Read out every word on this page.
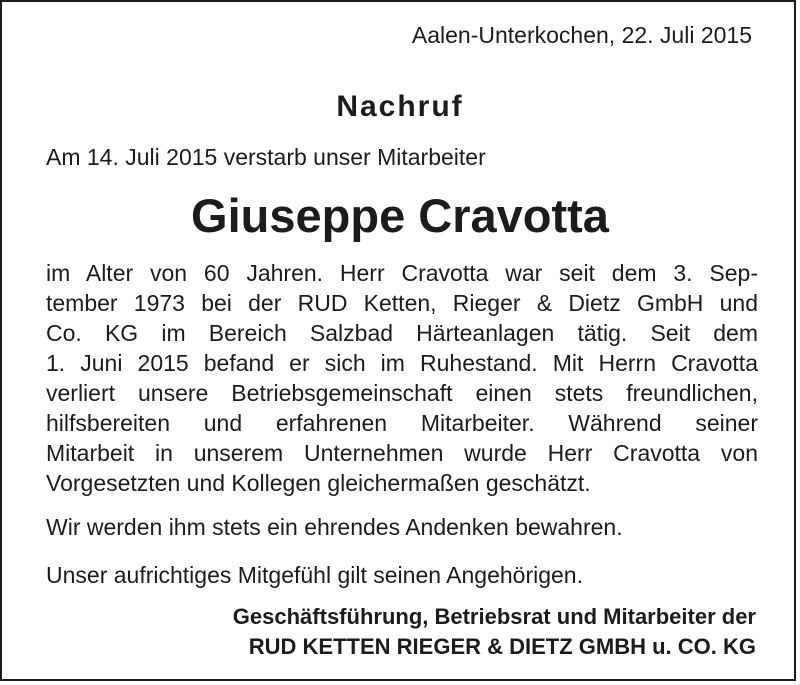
Aalen-Unterkochen, 22. Juli 2015
Nachruf
Am 14. Juli 2015 verstarb unser Mitarbeiter
Giuseppe Cravotta
im Alter von 60 Jahren. Herr Cravotta war seit dem 3. Sep-
tember 1973 bei der RUD Ketten, Rieger & Dietz GmbH und
Co. KG im Bereich Salzbad Härteanlagen tätig. Seit dem
1. Juni 2015 befand er sich im Ruhestand. Mit Herrn Cravotta
verliert unsere Betriebsgemeinschaft einen stets freundlichen,
hilfsbereiten und erfahrenen Mitarbeiter. Während seiner
Mitarbeit in unserem Unternehmen wurde Herr Cravotta von
Vorgesetzten und Kollegen gleichermaßen geschätzt.
Wir werden ihm stets ein ehrendes Andenken bewahren.
Unser aufrichtiges Mitgefühl gilt seinen Angehörigen.
Geschäftsführung, Betriebsrat und Mitarbeiter der
RUD KETTEN RIEGER & DIETZ GMBH u. CO. KG
